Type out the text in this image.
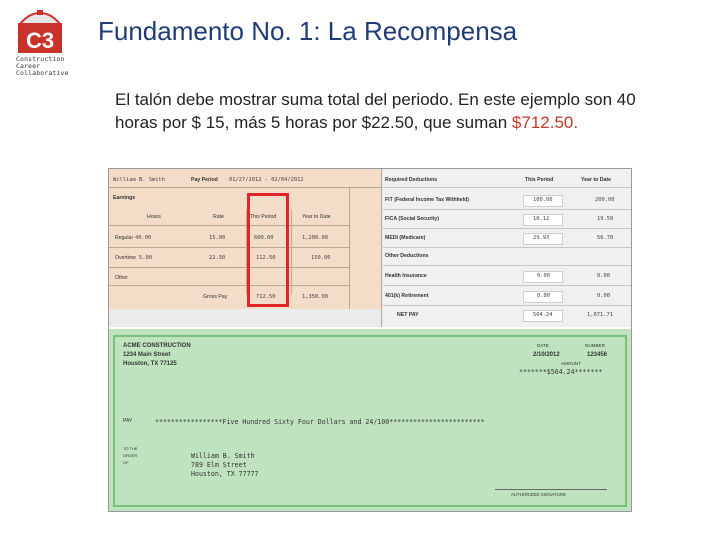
C3
Construction
Career
Collaborative
Fundamento No. 1: La Recompensa
El talón debe mostrar suma total del periodo. En este ejemplo son 40 horas por $ 15, más 5 horas por $22.50, que suman $712.50.
William B. Smith	Pay Period 01/27/2012 - 02/04/2012
Earnings
Hours	Rate	This Period	Year to Date
Regular 40.00	15.00	600.00	1,200.00
Overtime 5.00	22.50	112.50	150.00
Other
Gross Pay	712.50	1,350.00
Required Deductions	This Period	Year to Date
FIT (Federal Income Tax Withheld)	100.00	200.00
FICA (Social Security)	10.12	19.50
MEDI (Medicare)	29.93	56.70
Other Deductions
Health Insurance	0.00	0.00
401(k) Retirement	0.00	0.00
NET PAY	564.24	1,071.71
ACME CONSTRUCTION
1234 Main Street
Houston, TX 77125
DATE	NUMBER
2/10/2012	123456
AMOUNT
*******$564.24*******
PAY	*****************Five Hundred Sixty Four Dollars and 24/100************************
TO THE ORDER OF
William B. Smith
789 Elm Street
Houston, TX 77777
AUTHORIZED SIGNATURE
